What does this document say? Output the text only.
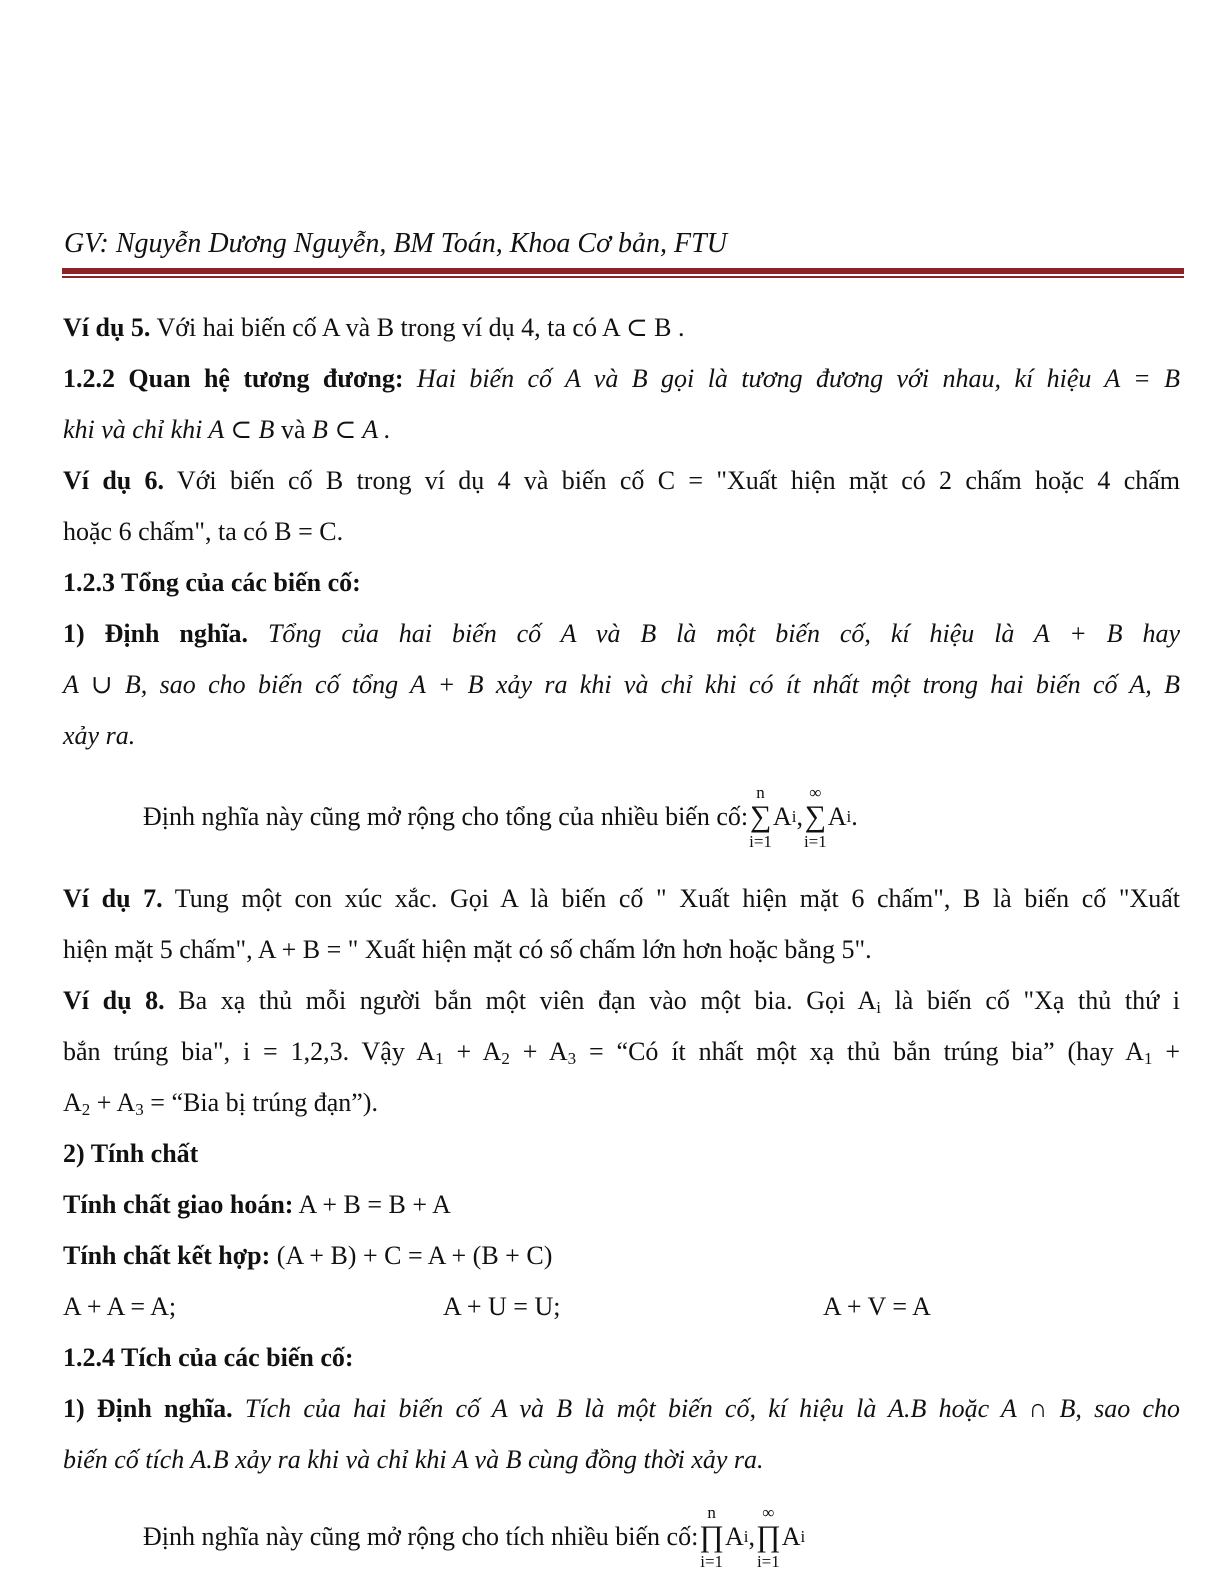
GV: Nguyễn Dương Nguyễn, BM Toán, Khoa Cơ bản, FTU
Ví dụ 5. Với hai biến cố A và B trong ví dụ 4, ta có A ⊂ B .
1.2.2 Quan hệ tương đương: Hai biến cố A và B gọi là tương đương với nhau, kí hiệu A = B
khi và chỉ khi A ⊂ B và B ⊂ A .
Ví dụ 6. Với biến cố B trong ví dụ 4 và biến cố C = "Xuất hiện mặt có 2 chấm hoặc 4 chấm
hoặc 6 chấm", ta có B = C.
1.2.3 Tổng của các biến cố:
1) Định nghĩa. Tổng của hai biến cố A và B là một biến cố, kí hiệu là A + B hay
A ∪ B, sao cho biến cố tổng A + B xảy ra khi và chỉ khi có ít nhất một trong hai biến cố A, B
xảy ra.
Định nghĩa này cũng mở rộng cho tổng của nhiều biến cố:
n
∑
i=1
A i ,
∞
∑
i=1
A i .
Ví dụ 7. Tung một con xúc xắc. Gọi A là biến cố " Xuất hiện mặt 6 chấm", B là biến cố "Xuất
hiện mặt 5 chấm", A + B = " Xuất hiện mặt có số chấm lớn hơn hoặc bằng 5".
Ví dụ 8. Ba xạ thủ mỗi người bắn một viên đạn vào một bia. Gọi $A_i$ là biến cố "Xạ thủ thứ i
bắn trúng bia", i = 1,2,3. Vậy $A_1 + A_2 + A_3$ = “Có ít nhất một xạ thủ bắn trúng bia” (hay $A_1$ +
$A_2 + A_3$ = “Bia bị trúng đạn”).
2) Tính chất
Tính chất giao hoán: A + B = B + A
Tính chất kết hợp: (A + B) + C = A + (B + C)
A + A = A;	A + U = U;	A + V = A
1.2.4 Tích của các biến cố:
1) Định nghĩa. Tích của hai biến cố A và B là một biến cố, kí hiệu là A.B hoặc A ∩ B, sao cho
biến cố tích A.B xảy ra khi và chỉ khi A và B cùng đồng thời xảy ra.
Định nghĩa này cũng mở rộng cho tích nhiều biến cố:
n
∏
i=1
A i ,
∞
∏
i=1
A i
